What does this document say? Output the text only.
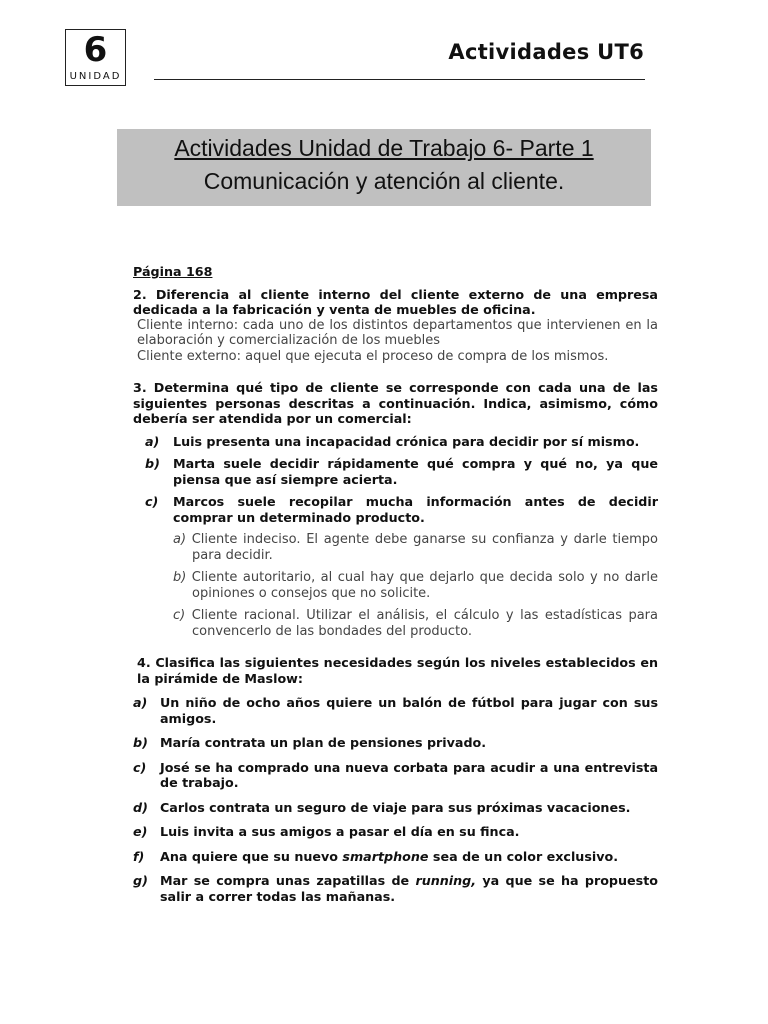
6
UNIDAD
Actividades UT6
Actividades Unidad de Trabajo 6- Parte 1
Comunicación y atención al cliente.
Página 168
2. Diferencia al cliente interno del cliente externo de una empresa dedicada a la fabricación y venta de muebles de oficina.

Cliente interno: cada uno de los distintos departamentos que intervienen en la elaboración y comercialización de los muebles

Cliente externo: aquel que ejecuta el proceso de compra de los mismos.

3. Determina qué tipo de cliente se corresponde con cada una de las siguientes personas descritas a continuación. Indica, asimismo, cómo debería ser atendida por un comercial:
a)	Luis presenta una incapacidad crónica para decidir por sí mismo.
b)	Marta suele decidir rápidamente qué compra y qué no, ya que piensa que así siempre acierta.
c)	Marcos suele recopilar mucha información antes de decidir comprar un determinado producto.
a) Cliente indeciso. El agente debe ganarse su confianza y darle tiempo para decidir.
b) Cliente autoritario, al cual hay que dejarlo que decida solo y no darle opiniones o consejos que no solicite.
c) Cliente racional. Utilizar el análisis, el cálculo y las estadísticas para convencerlo de las bondades del producto.
4. Clasifica las siguientes necesidades según los niveles establecidos en la pirámide de Maslow:
a) Un niño de ocho años quiere un balón de fútbol para jugar con sus amigos.
b) María contrata un plan de pensiones privado.
c)	José se ha comprado una nueva corbata para acudir a una entrevista de trabajo.
d) Carlos contrata un seguro de viaje para sus próximas vacaciones.
e) Luis invita a sus amigos a pasar el día en su finca.
f)	Ana quiere que su nuevo smartphone sea de un color exclusivo.
g) Mar se compra unas zapatillas de running, ya que se ha propuesto salir a correr todas las mañanas.
